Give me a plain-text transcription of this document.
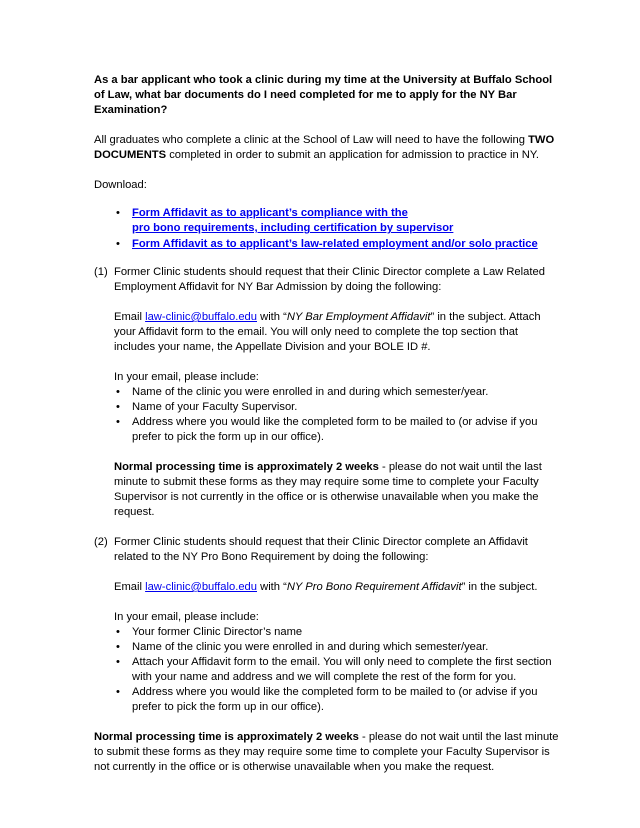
As a bar applicant who took a clinic during my time at the University at Buffalo School of Law, what bar documents do I need completed for me to apply for the NY Bar Examination?

All graduates who complete a clinic at the School of Law will need to have the following TWO DOCUMENTS completed in order to submit an application for admission to practice in NY.

Download:

• Form Affidavit as to applicant’s compliance with the
pro bono requirements, including certification by supervisor
• Form Affidavit as to applicant’s law-related employment and/or solo practice
(1) Former Clinic students should request that their Clinic Director complete a Law Related Employment Affidavit for NY Bar Admission by doing the following:

Email law-clinic@buffalo.edu with “NY Bar Employment Affidavit” in the subject. Attach your Affidavit form to the email. You will only need to complete the top section that includes your name, the Appellate Division and your BOLE ID #.

In your email, please include:

• Name of the clinic you were enrolled in and during which semester/year.
• Name of your Faculty Supervisor.
• Address where you would like the completed form to be mailed to (or advise if you prefer to pick the form up in our office).

Normal processing time is approximately 2 weeks - please do not wait until the last minute to submit these forms as they may require some time to complete your Faculty Supervisor is not currently in the office or is otherwise unavailable when you make the request.

(2) Former Clinic students should request that their Clinic Director complete an Affidavit related to the NY Pro Bono Requirement by doing the following:

Email law-clinic@buffalo.edu with “NY Pro Bono Requirement Affidavit” in the subject.

In your email, please include:

• Your former Clinic Director’s name
• Name of the clinic you were enrolled in and during which semester/year.
• Attach your Affidavit form to the email. You will only need to complete the first section with your name and address and we will complete the rest of the form for you.
• Address where you would like the completed form to be mailed to (or advise if you prefer to pick the form up in our office).

Normal processing time is approximately 2 weeks - please do not wait until the last minute to submit these forms as they may require some time to complete your Faculty Supervisor is not currently in the office or is otherwise unavailable when you make the request.
